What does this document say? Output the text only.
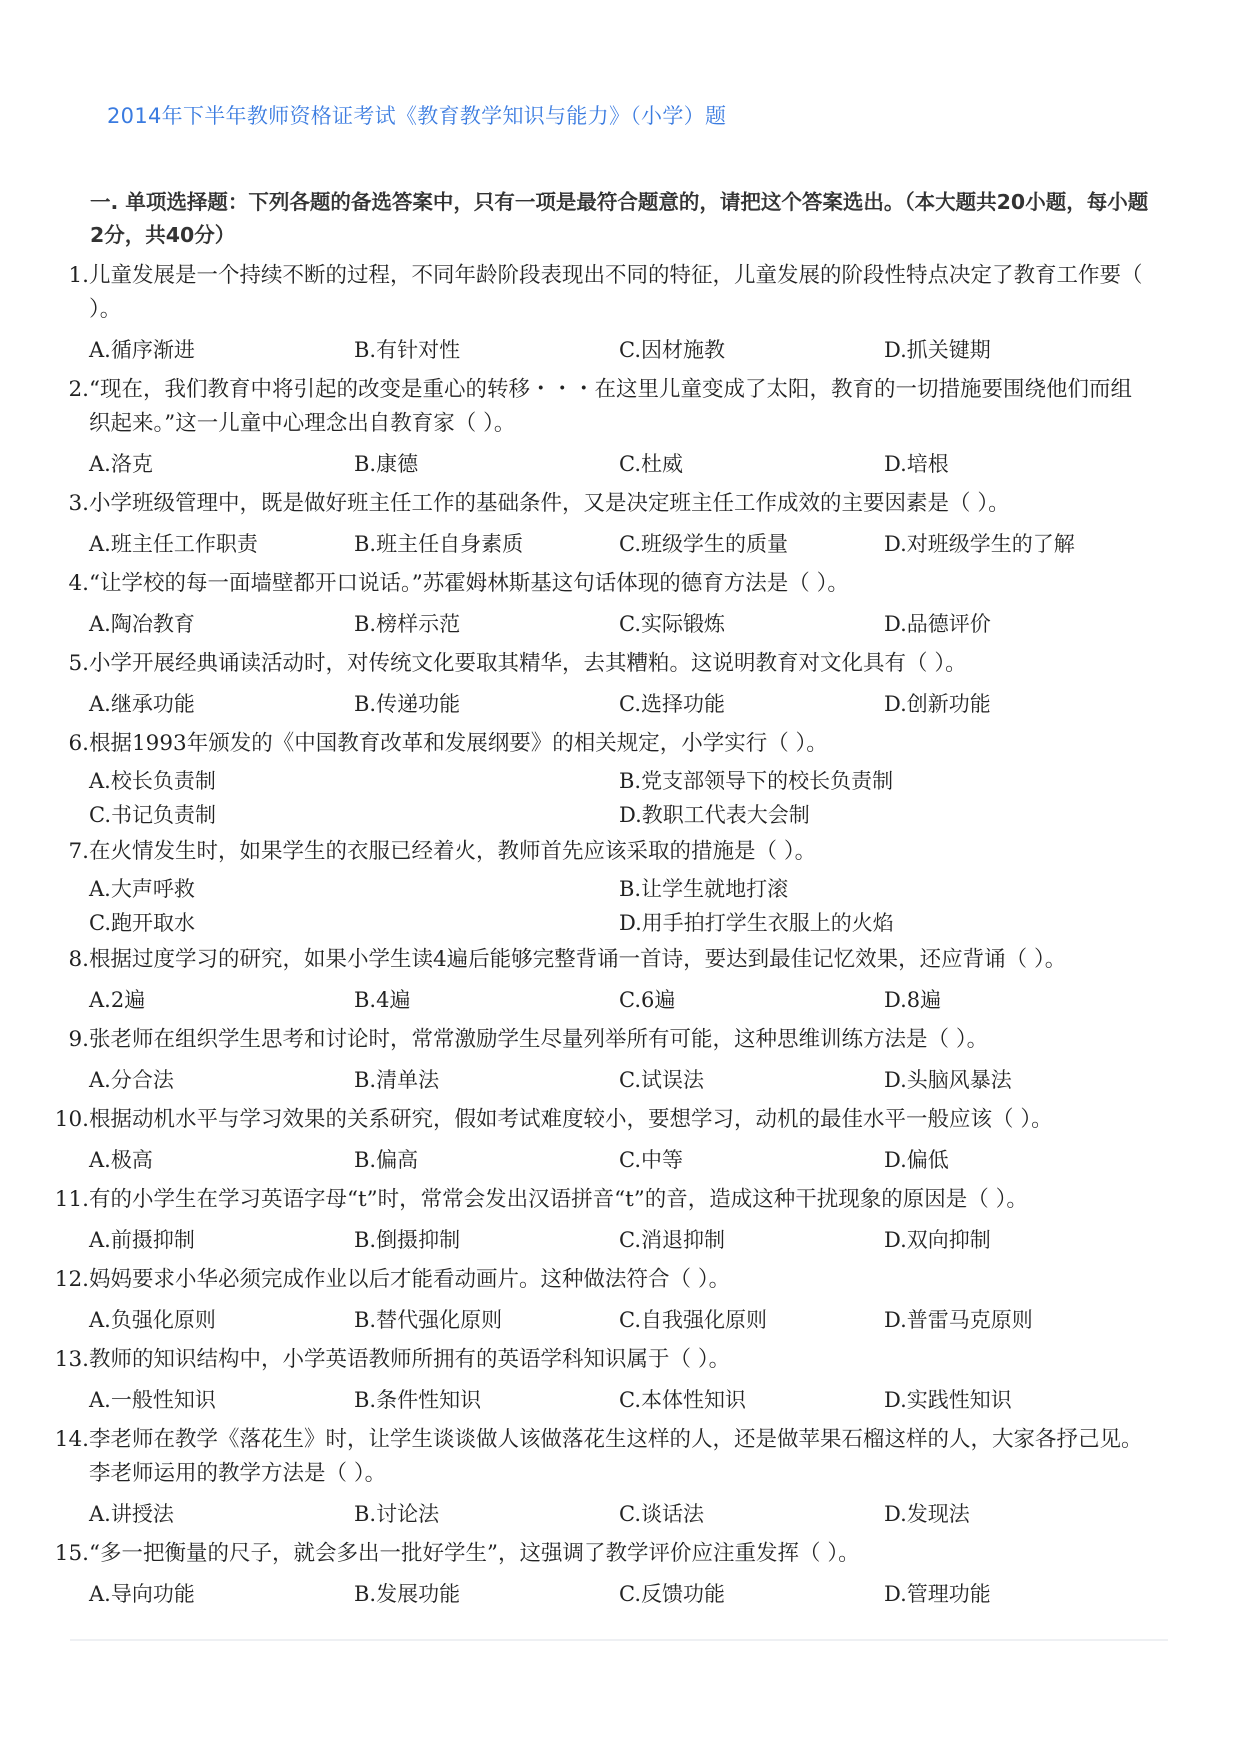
2014年下半年教师资格证考试《教育教学知识与能力》（小学）题
一. 单项选择题：下列各题的备选答案中，只有一项是最符合题意的，请把这个答案选出。（本大题共20小题，每小题2分，共40分）
1. 儿童发展是一个持续不断的过程，不同年龄阶段表现出不同的特征，儿童发展的阶段性特点决定了教育工作要（ ）。
A.循序渐进	B.有针对性	C.因材施教	D.抓关键期
2. “现在，我们教育中将引起的改变是重心的转移・・・在这里儿童变成了太阳，教育的一切措施要围绕他们而组织起来。”这一儿童中心理念出自教育家（ ）。
A.洛克	B.康德	C.杜威	D.培根
3. 小学班级管理中，既是做好班主任工作的基础条件，又是决定班主任工作成效的主要因素是（ ）。
A.班主任工作职责	B.班主任自身素质	C.班级学生的质量	D.对班级学生的了解
4. “让学校的每一面墙壁都开口说话。”苏霍姆林斯基这句话体现的德育方法是（ ）。
A.陶冶教育	B.榜样示范	C.实际锻炼	D.品德评价
5. 小学开展经典诵读活动时，对传统文化要取其精华，去其糟粕。这说明教育对文化具有（ ）。
A.继承功能	B.传递功能	C.选择功能	D.创新功能
6. 根据1993年颁发的《中国教育改革和发展纲要》的相关规定，小学实行（ ）。
A.校长负责制	B.党支部领导下的校长负责制
C.书记负责制	D.教职工代表大会制
7. 在火情发生时，如果学生的衣服已经着火，教师首先应该采取的措施是（ ）。
A.大声呼救	B.让学生就地打滚
C.跑开取水	D.用手拍打学生衣服上的火焰
8. 根据过度学习的研究，如果小学生读4遍后能够完整背诵一首诗，要达到最佳记忆效果，还应背诵（ ）。
A.2遍	B.4遍	C.6遍	D.8遍
9. 张老师在组织学生思考和讨论时，常常激励学生尽量列举所有可能，这种思维训练方法是（ ）。
A.分合法	B.清单法	C.试误法	D.头脑风暴法
10. 根据动机水平与学习效果的关系研究，假如考试难度较小，要想学习，动机的最佳水平一般应该（ ）。
A.极高	B.偏高	C.中等	D.偏低
11. 有的小学生在学习英语字母“t”时，常常会发出汉语拼音“t”的音，造成这种干扰现象的原因是（ ）。
A.前摄抑制	B.倒摄抑制	C.消退抑制	D.双向抑制
12. 妈妈要求小华必须完成作业以后才能看动画片。这种做法符合（ ）。
A.负强化原则	B.替代强化原则	C.自我强化原则	D.普雷马克原则
13. 教师的知识结构中，小学英语教师所拥有的英语学科知识属于（ ）。
A.一般性知识	B.条件性知识	C.本体性知识	D.实践性知识
14. 李老师在教学《落花生》时，让学生谈谈做人该做落花生这样的人，还是做苹果石榴这样的人，大家各抒己见。李老师运用的教学方法是（ ）。
A.讲授法	B.讨论法	C.谈话法	D.发现法
15. “多一把衡量的尺子，就会多出一批好学生”，这强调了教学评价应注重发挥（ ）。
A.导向功能	B.发展功能	C.反馈功能	D.管理功能
